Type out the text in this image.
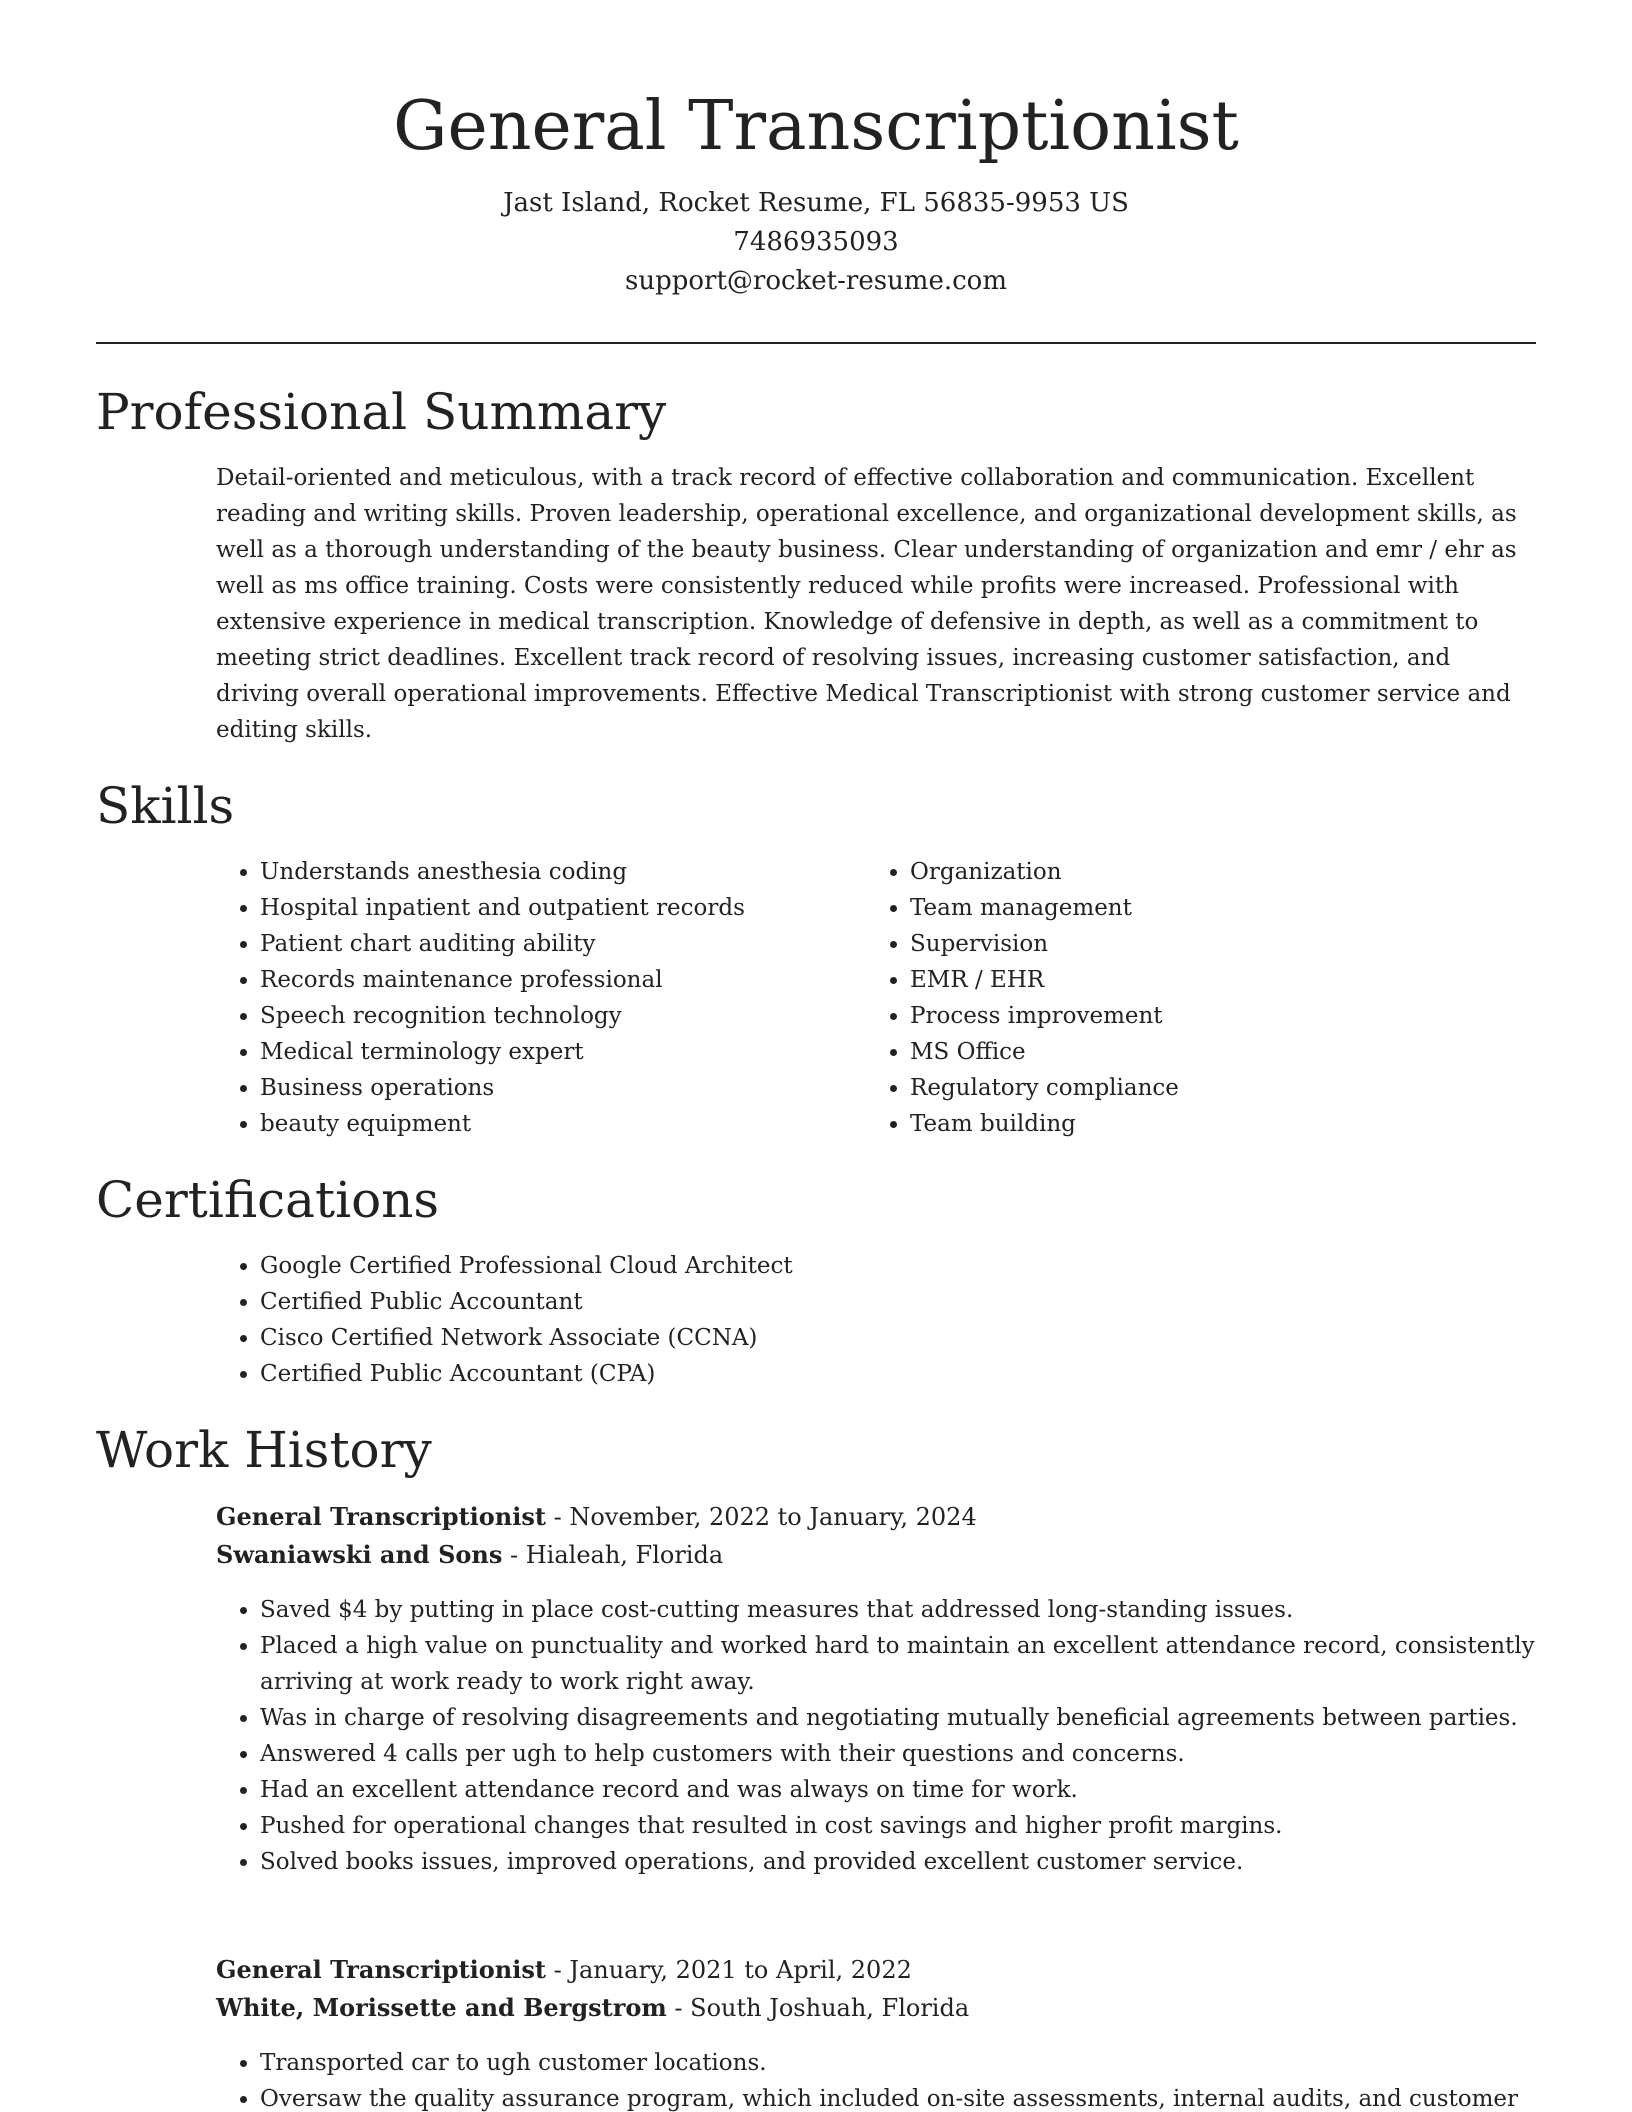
General Transcriptionist
Jast Island, Rocket Resume, FL 56835-9953 US
7486935093
support@rocket-resume.com
Professional Summary

Detail-oriented and meticulous, with a track record of effective collaboration and communication. Excellent reading and writing skills. Proven leadership, operational excellence, and organizational development skills, as well as a thorough understanding of the beauty business. Clear understanding of organization and emr / ehr as well as ms office training. Costs were consistently reduced while profits were increased. Professional with extensive experience in medical transcription. Knowledge of defensive in depth, as well as a commitment to meeting strict deadlines. Excellent track record of resolving issues, increasing customer satisfaction, and driving overall operational improvements. Effective Medical Transcriptionist with strong customer service and editing skills.

Skills
• Understands anesthesia coding
• Hospital inpatient and outpatient records
• Patient chart auditing ability
• Records maintenance professional
• Speech recognition technology
• Medical terminology expert
• Business operations
• beauty equipment
• Organization
• Team management
• Supervision
• EMR / EHR
• Process improvement
• MS Office
• Regulatory compliance
• Team building
Certifications
• Google Certified Professional Cloud Architect
• Certified Public Accountant
• Cisco Certified Network Associate (CCNA)
• Certified Public Accountant (CPA)
Work History
General Transcriptionist - November, 2022 to January, 2024
Swaniawski and Sons - Hialeah, Florida
• Saved $4 by putting in place cost-cutting measures that addressed long-standing issues.
• Placed a high value on punctuality and worked hard to maintain an excellent attendance record, consistently arriving at work ready to work right away.
• Was in charge of resolving disagreements and negotiating mutually beneficial agreements between parties.
• Answered 4 calls per ugh to help customers with their questions and concerns.
• Had an excellent attendance record and was always on time for work.
• Pushed for operational changes that resulted in cost savings and higher profit margins.
• Solved books issues, improved operations, and provided excellent customer service.
General Transcriptionist - January, 2021 to April, 2022
White, Morissette and Bergstrom - South Joshuah, Florida
• Transported car to ugh customer locations.
• Oversaw the quality assurance program, which included on-site assessments, internal audits, and customer
